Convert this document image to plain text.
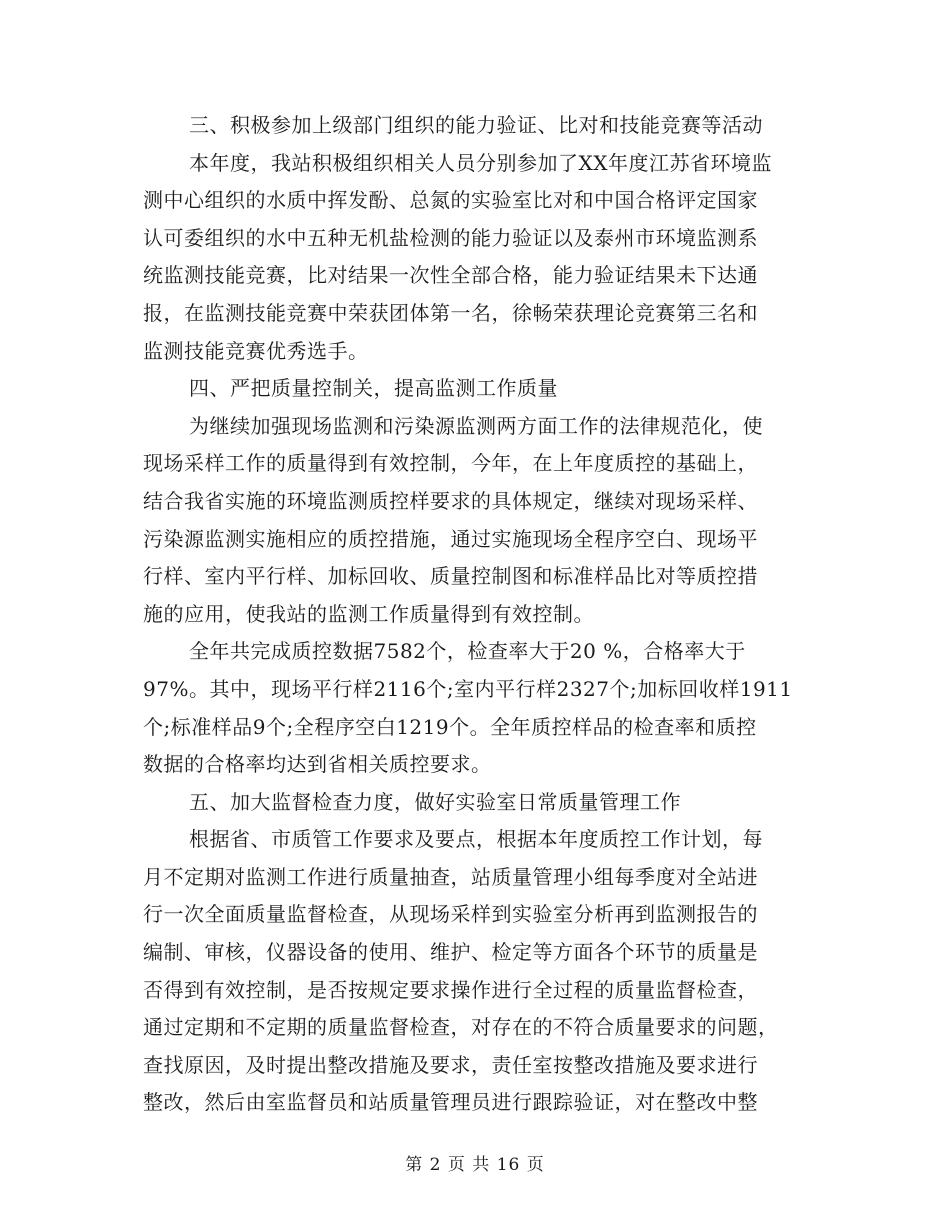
三、积极参加上级部门组织的能力验证、比对和技能竞赛等活动
本年度，我站积极组织相关人员分别参加了XX年度江苏省环境监
测中心组织的水质中挥发酚、总氮的实验室比对和中国合格评定国家
认可委组织的水中五种无机盐检测的能力验证以及泰州市环境监测系
统监测技能竞赛，比对结果一次性全部合格，能力验证结果未下达通
报，在监测技能竞赛中荣获团体第一名，徐畅荣获理论竞赛第三名和
监测技能竞赛优秀选手。
四、严把质量控制关，提高监测工作质量
为继续加强现场监测和污染源监测两方面工作的法律规范化，使
现场采样工作的质量得到有效控制，今年，在上年度质控的基础上，
结合我省实施的环境监测质控样要求的具体规定，继续对现场采样、
污染源监测实施相应的质控措施，通过实施现场全程序空白、现场平
行样、室内平行样、加标回收、质量控制图和标准样品比对等质控措
施的应用，使我站的监测工作质量得到有效控制。
全年共完成质控数据7582个，检查率大于20 %，合格率大于
97%。其中，现场平行样2116个;室内平行样2327个;加标回收样1911
个;标准样品9个;全程序空白1219个。全年质控样品的检查率和质控
数据的合格率均达到省相关质控要求。
五、加大监督检查力度，做好实验室日常质量管理工作
根据省、市质管工作要求及要点，根据本年度质控工作计划，每
月不定期对监测工作进行质量抽查，站质量管理小组每季度对全站进
行一次全面质量监督检查，从现场采样到实验室分析再到监测报告的
编制、审核，仪器设备的使用、维护、检定等方面各个环节的质量是
否得到有效控制，是否按规定要求操作进行全过程的质量监督检查，
通过定期和不定期的质量监督检查，对存在的不符合质量要求的问题，
查找原因，及时提出整改措施及要求，责任室按整改措施及要求进行
整改，然后由室监督员和站质量管理员进行跟踪验证，对在整改中整
第 2 页 共 16 页
